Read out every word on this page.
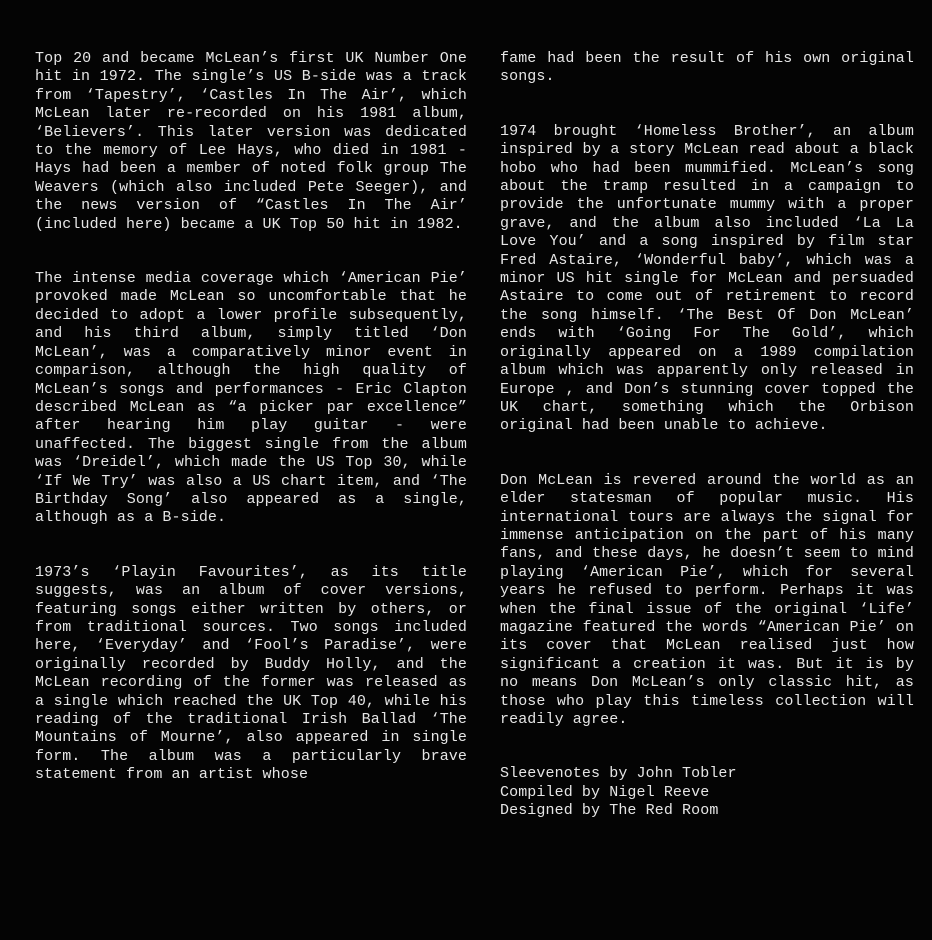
Top 20 and became McLean’s first UK Number One hit in 1972. The single’s US B-side was a track from ‘Tapestry’, ‘Castles In The Air’, which McLean later re-recorded on his 1981 album, ‘Believers’. This later version was dedicated to the memory of Lee Hays, who died in 1981 - Hays had been a member of noted folk group The Weavers (which also included Pete Seeger), and the news version of “Castles In The Air’ (included here) became a UK Top 50 hit in 1982.

The intense media coverage which ‘American Pie’ provoked made McLean so uncomfortable that he decided to adopt a lower profile subsequently, and his third album, simply titled ‘Don McLean’, was a comparatively minor event in comparison, although the high quality of McLean’s songs and performances - Eric Clapton described McLean as “a picker par excellence” after hearing him play guitar - were unaffected. The biggest single from the album was ‘Dreidel’, which made the US Top 30, while ‘If We Try’ was also a US chart item, and ‘The Birthday Song’ also appeared as a single, although as a B-side.

1973’s ‘Playin Favourites’, as its title suggests, was an album of cover versions, featuring songs either written by others, or from traditional sources. Two songs included here, ‘Everyday’ and ‘Fool’s Paradise’, were originally recorded by Buddy Holly, and the McLean recording of the former was released as a single which reached the UK Top 40, while his reading of the traditional Irish Ballad ‘The Mountains of Mourne’, also appeared in single form. The album was a particularly brave statement from an artist whose

fame had been the result of his own original songs.

1974 brought ‘Homeless Brother’, an album inspired by a story McLean read about a black hobo who had been mummified. McLean’s song about the tramp resulted in a campaign to provide the unfortunate mummy with a proper grave, and the album also included ‘La La Love You’ and a song inspired by film star Fred Astaire, ‘Wonderful baby’, which was a minor US hit single for McLean and persuaded Astaire to come out of retirement to record the song himself. ‘The Best Of Don McLean’ ends with ‘Going For The Gold’, which originally appeared on a 1989 compilation album which was apparently only released in Europe , and Don’s stunning cover topped the UK chart, something which the Orbison original had been unable to achieve.

Don McLean is revered around the world as an elder statesman of popular music. His international tours are always the signal for immense anticipation on the part of his many fans, and these days, he doesn’t seem to mind playing ‘American Pie’, which for several years he refused to perform. Perhaps it was when the final issue of the original ‘Life’ magazine featured the words “American Pie’ on its cover that McLean realised just how significant a creation it was. But it is by no means Don McLean’s only classic hit, as those who play this timeless collection will readily agree.

Sleevenotes by John Tobler
Compiled by Nigel Reeve
Designed by The Red Room
